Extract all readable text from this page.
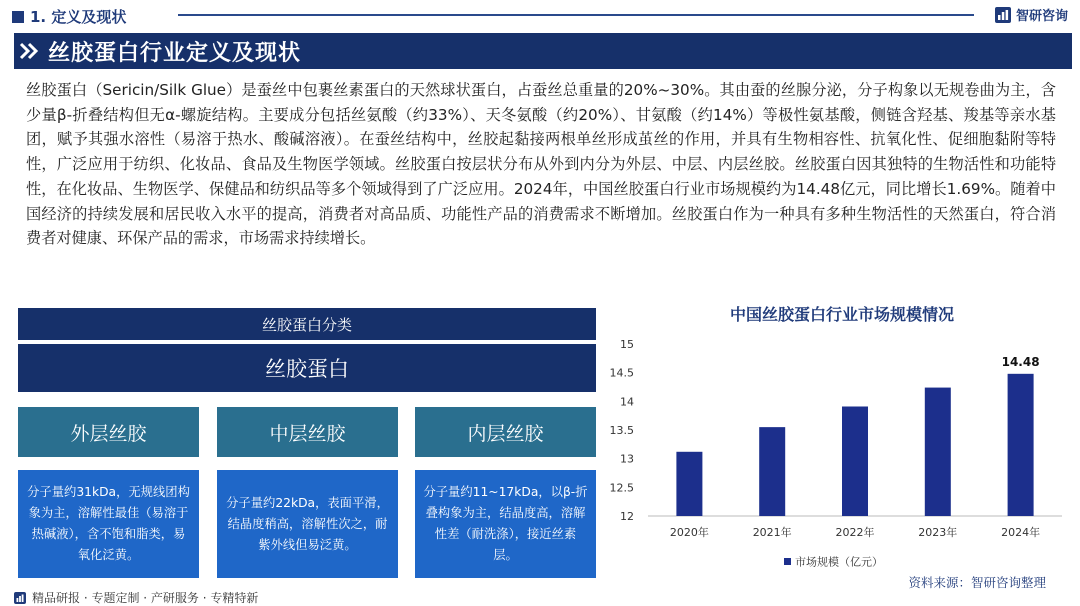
1. 定义及现状	智研咨询
丝胶蛋白行业定义及现状
丝胶蛋白（Sericin/Silk Glue）是蚕丝中包裹丝素蛋白的天然球状蛋白，占蚕丝总重量的20%~30%。其由蚕的丝腺分泌，分子构象以无规卷曲为主，含少量β-折叠结构但无α-螺旋结构。主要成分包括丝氨酸（约33%）、天冬氨酸（约20%）、甘氨酸（约14%）等极性氨基酸，侧链含羟基、羧基等亲水基团，赋予其强水溶性（易溶于热水、酸碱溶液）。在蚕丝结构中，丝胶起黏接两根单丝形成茧丝的作用，并具有生物相容性、抗氧化性、促细胞黏附等特性，广泛应用于纺织、化妆品、食品及生物医学领域。丝胶蛋白按层状分布从外到内分为外层、中层、内层丝胶。丝胶蛋白因其独特的生物活性和功能特性，在化妆品、生物医学、保健品和纺织品等多个领域得到了广泛应用。2024年，中国丝胶蛋白行业市场规模约为14.48亿元，同比增长1.69%。随着中国经济的持续发展和居民收入水平的提高，消费者对高品质、功能性产品的消费需求不断增加。丝胶蛋白作为一种具有多种生物活性的天然蛋白，符合消费者对健康、环保产品的需求，市场需求持续增长。
丝胶蛋白分类
丝胶蛋白
外层丝胶	中层丝胶	内层丝胶
分子量约31kDa，无规线团构象为主，溶解性最佳（易溶于热碱液），含不饱和脂类，易氧化泛黄。
分子量约22kDa，表面平滑，结晶度稍高，溶解性次之，耐紫外线但易泛黄。
分子量约11~17kDa，以β-折叠构象为主，结晶度高，溶解性差（耐洗涤），接近丝素层。
中国丝胶蛋白行业市场规模情况
12
12.5
13
13.5
14
14.5
15
2020年	2021年	2022年	2023年	2024年
14.48
市场规模（亿元）
精品研报 · 专题定制 · 产研服务 · 专精特新
资料来源：智研咨询整理
